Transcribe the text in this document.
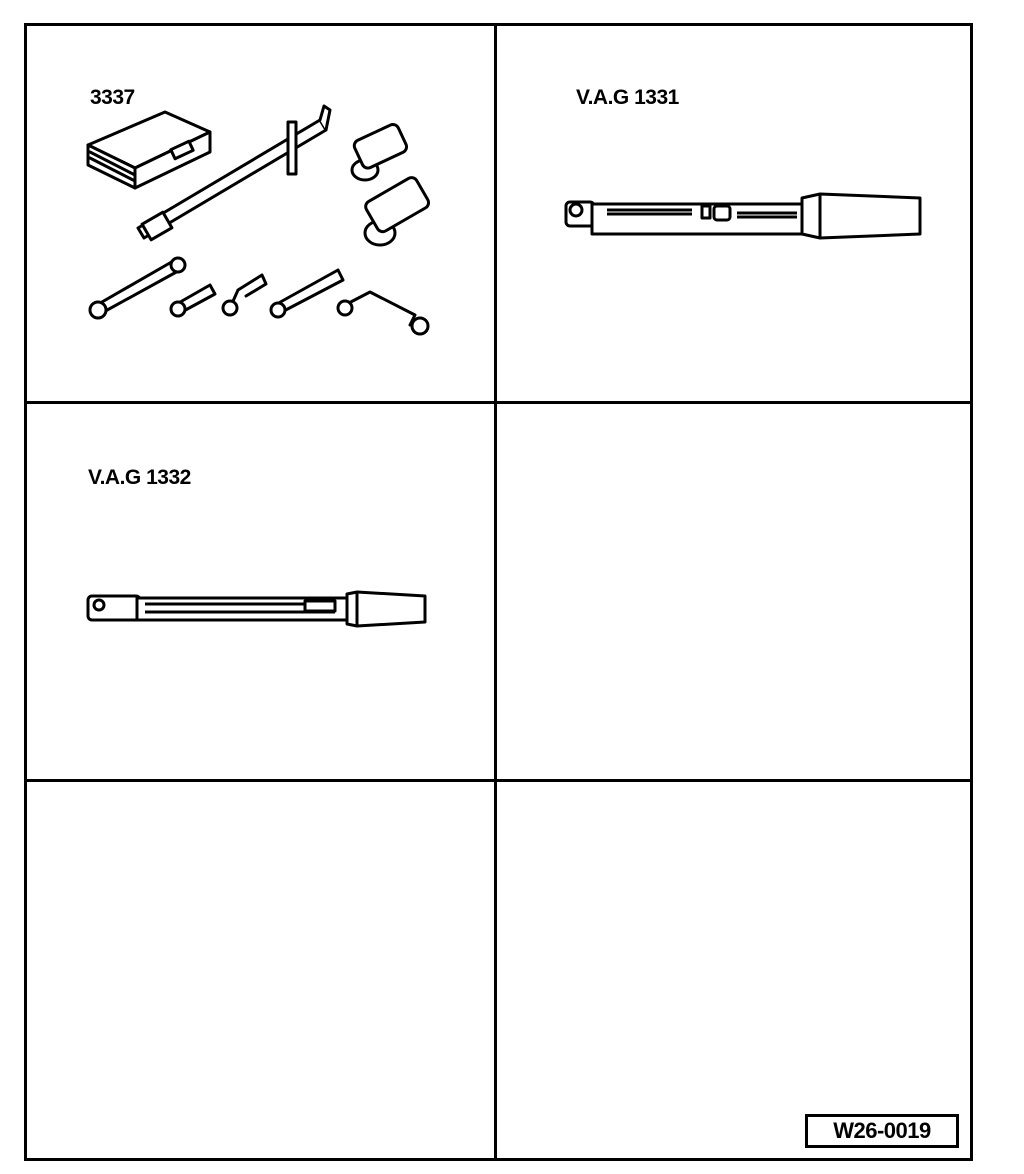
3337	V.A.G 1331
V.A.G 1332
W26-0019
